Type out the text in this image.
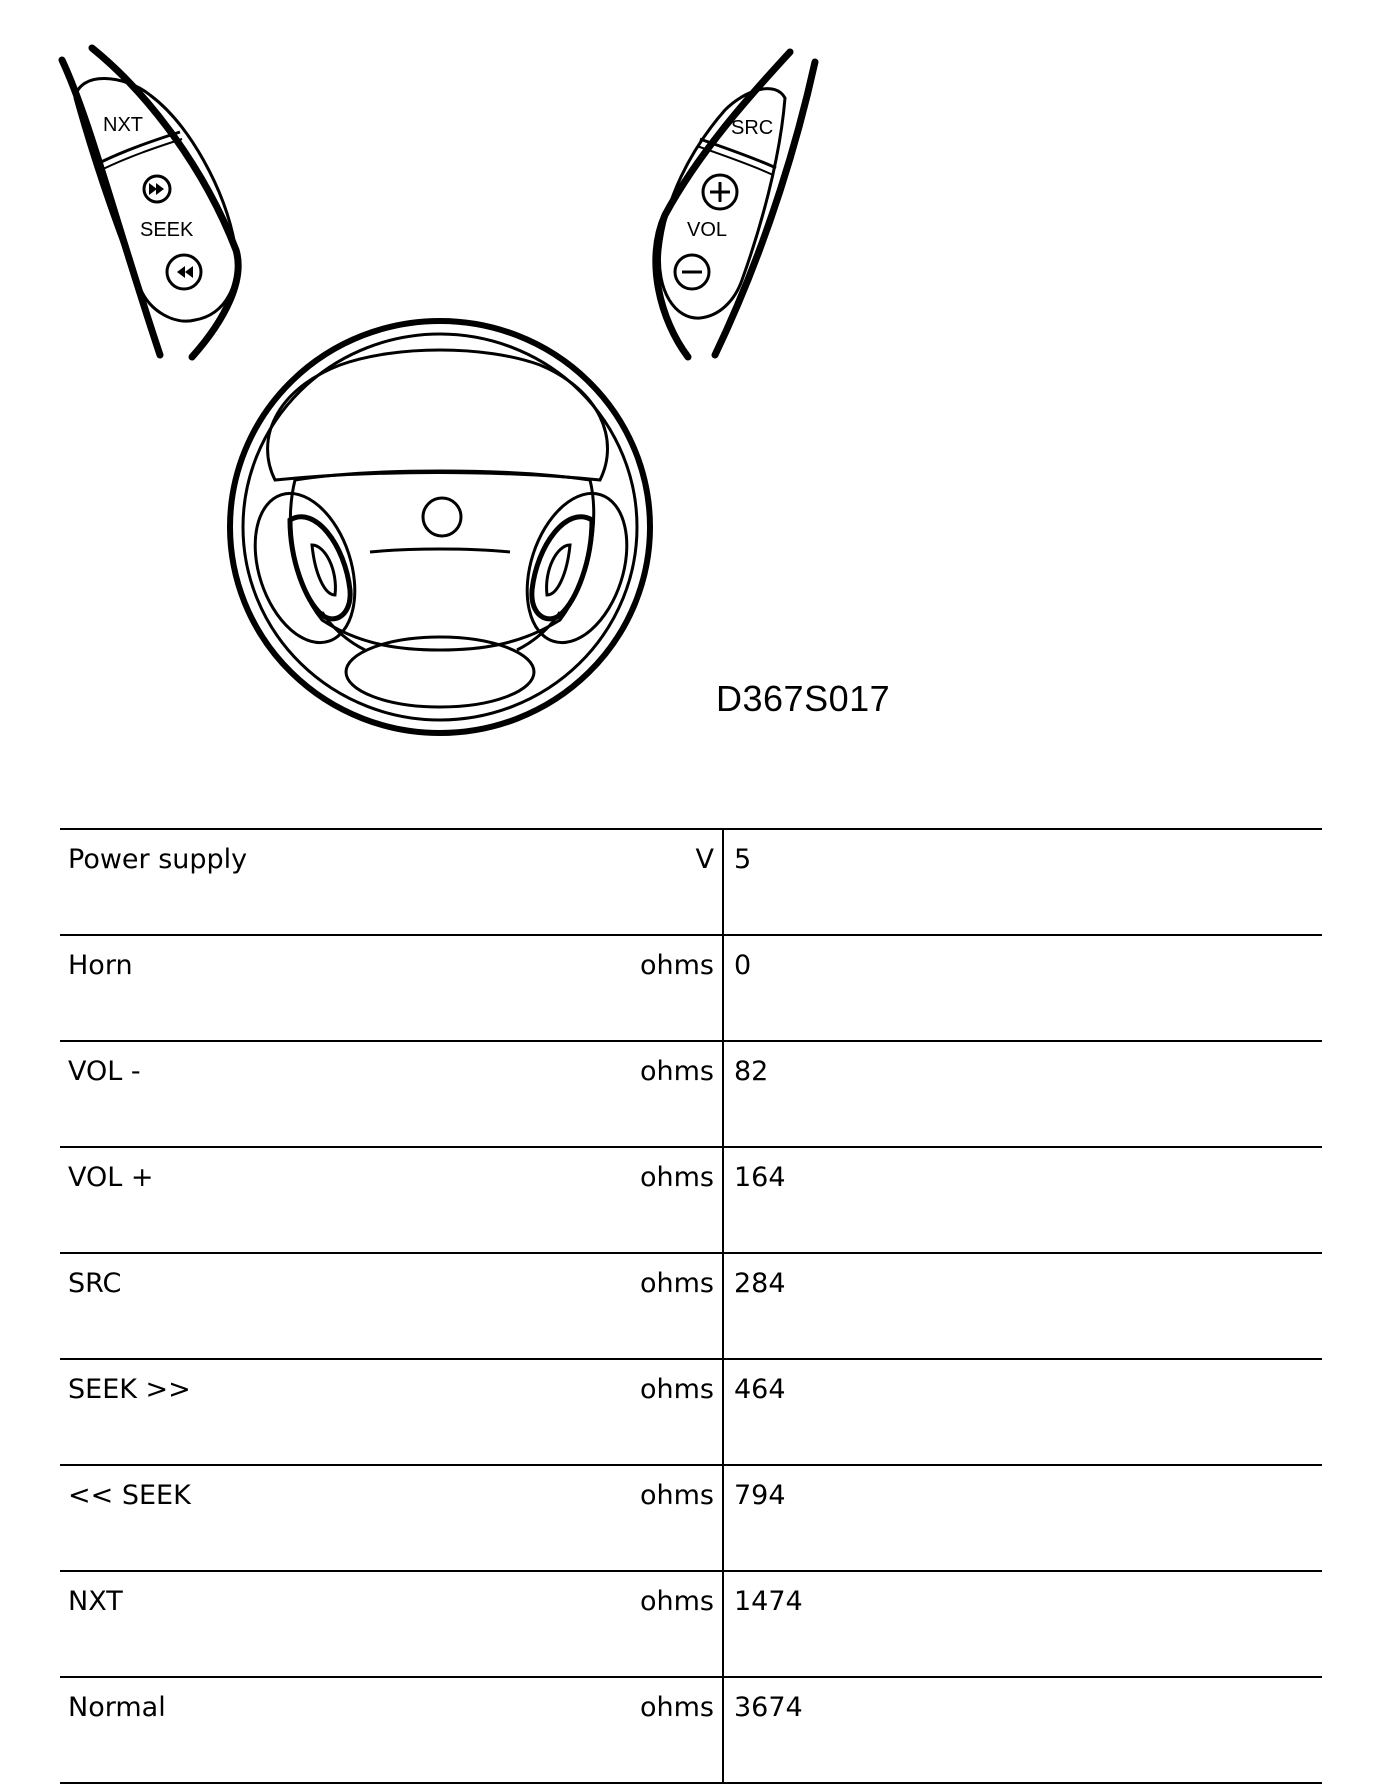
NXT
SEEK
SRC
VOL
D367S017
Power supply V	5

Horn ohms	0

VOL - ohms	82

VOL + ohms	164

SRC ohms	284

SEEK >> ohms	464

<< SEEK ohms	794

NXT ohms	1474

Normal ohms	3674
